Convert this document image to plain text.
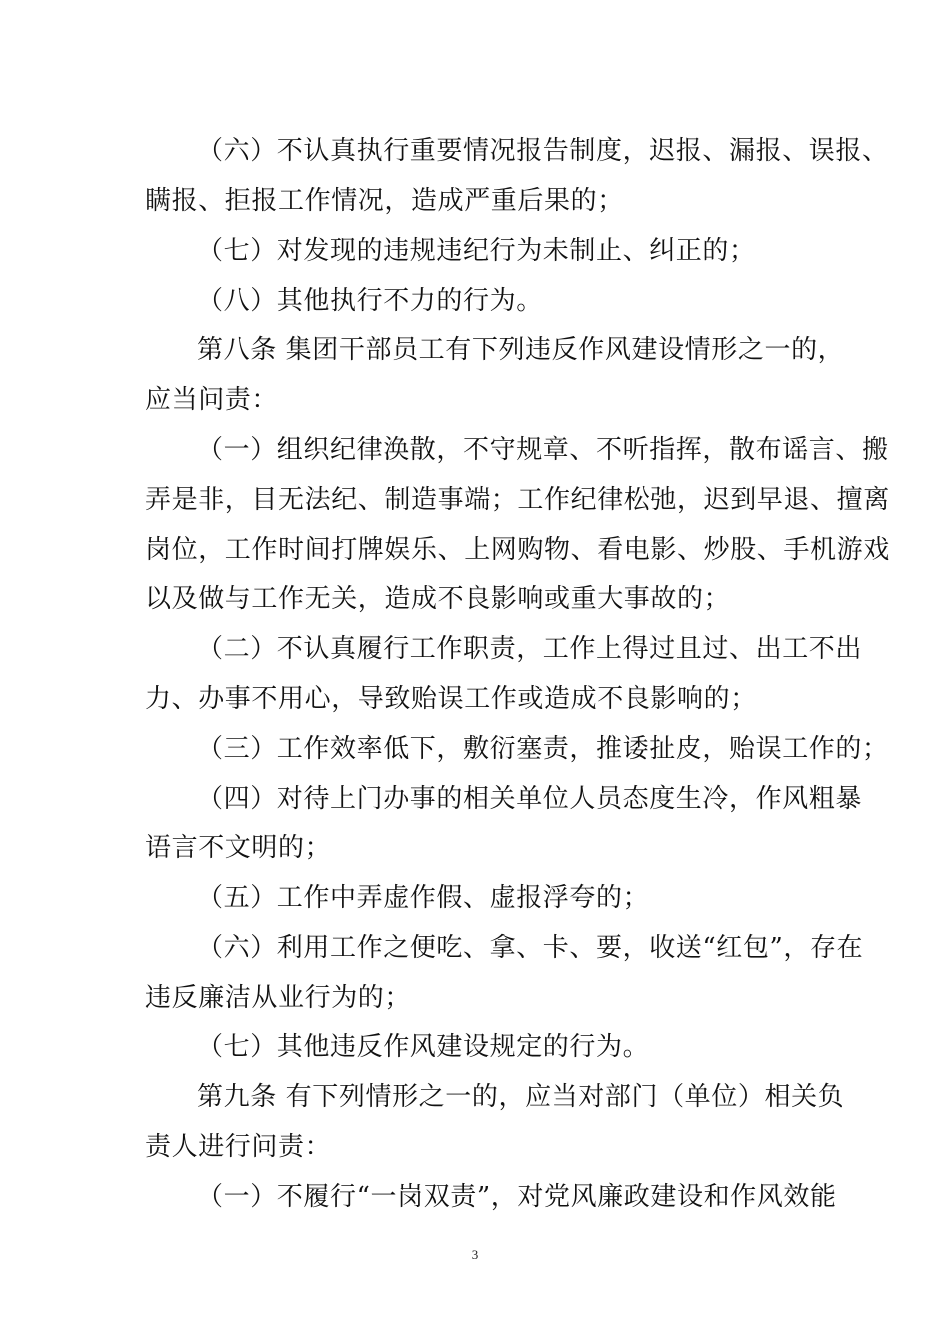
（六）不认真执行重要情况报告制度，迟报、漏报、误报、
瞒报、拒报工作情况，造成严重后果的；
（七）对发现的违规违纪行为未制止、纠正的；
（八）其他执行不力的行为。
第八条 集团干部员工有下列违反作风建设情形之一的，
应当问责：
（一）组织纪律涣散，不守规章、不听指挥，散布谣言、搬
弄是非，目无法纪、制造事端；工作纪律松弛，迟到早退、擅离
岗位，工作时间打牌娱乐、上网购物、看电影、炒股、手机游戏
以及做与工作无关，造成不良影响或重大事故的；
（二）不认真履行工作职责，工作上得过且过、出工不出
力、办事不用心，导致贻误工作或造成不良影响的；
（三）工作效率低下，敷衍塞责，推诿扯皮，贻误工作的；
（四）对待上门办事的相关单位人员态度生冷，作风粗暴
语言不文明的；
（五）工作中弄虚作假、虚报浮夸的；
（六）利用工作之便吃、拿、卡、要，收送“红包”，存在
违反廉洁从业行为的；
（七）其他违反作风建设规定的行为。
第九条 有下列情形之一的，应当对部门（单位）相关负
责人进行问责：
（一）不履行“一岗双责”，对党风廉政建设和作风效能
3
